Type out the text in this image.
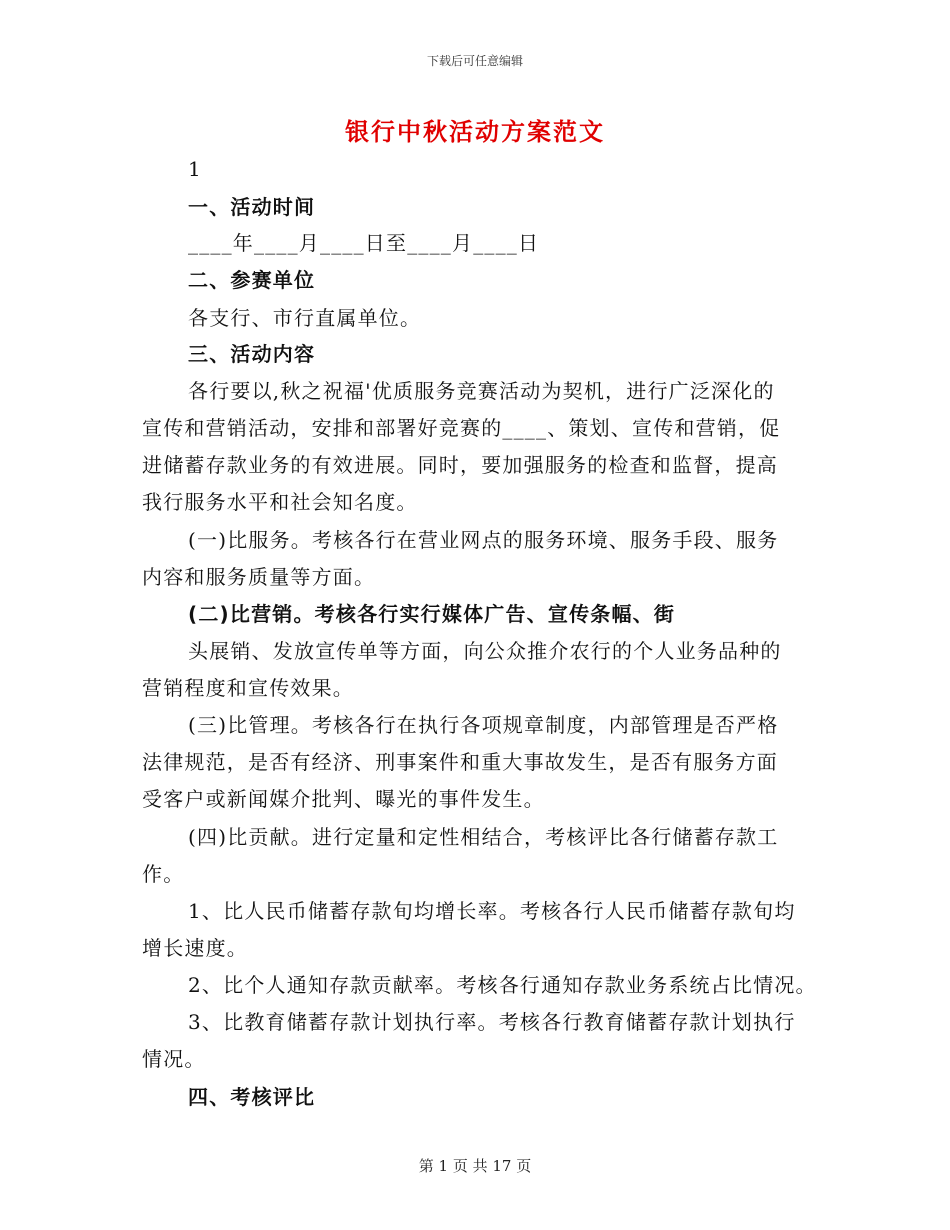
下载后可任意编辑
银行中秋活动方案范文
1
一、活动时间
____年____月____日至____月____日
二、参赛单位
各支行、市行直属单位。
三、活动内容
各行要以,秋之祝福'优质服务竞赛活动为契机，进行广泛深化的
宣传和营销活动，安排和部署好竞赛的____、策划、宣传和营销，促
进储蓄存款业务的有效进展。同时，要加强服务的检查和监督，提高
我行服务水平和社会知名度。
(一)比服务。考核各行在营业网点的服务环境、服务手段、服务
内容和服务质量等方面。
(二)比营销。考核各行实行媒体广告、宣传条幅、街
头展销、发放宣传单等方面，向公众推介农行的个人业务品种的
营销程度和宣传效果。
(三)比管理。考核各行在执行各项规章制度，内部管理是否严格
法律规范，是否有经济、刑事案件和重大事故发生，是否有服务方面
受客户或新闻媒介批判、曝光的事件发生。
(四)比贡献。进行定量和定性相结合，考核评比各行储蓄存款工
作。
1、比人民币储蓄存款旬均增长率。考核各行人民币储蓄存款旬均
增长速度。
2、比个人通知存款贡献率。考核各行通知存款业务系统占比情况。
3、比教育储蓄存款计划执行率。考核各行教育储蓄存款计划执行
情况。
四、考核评比
第 1 页 共 17 页
